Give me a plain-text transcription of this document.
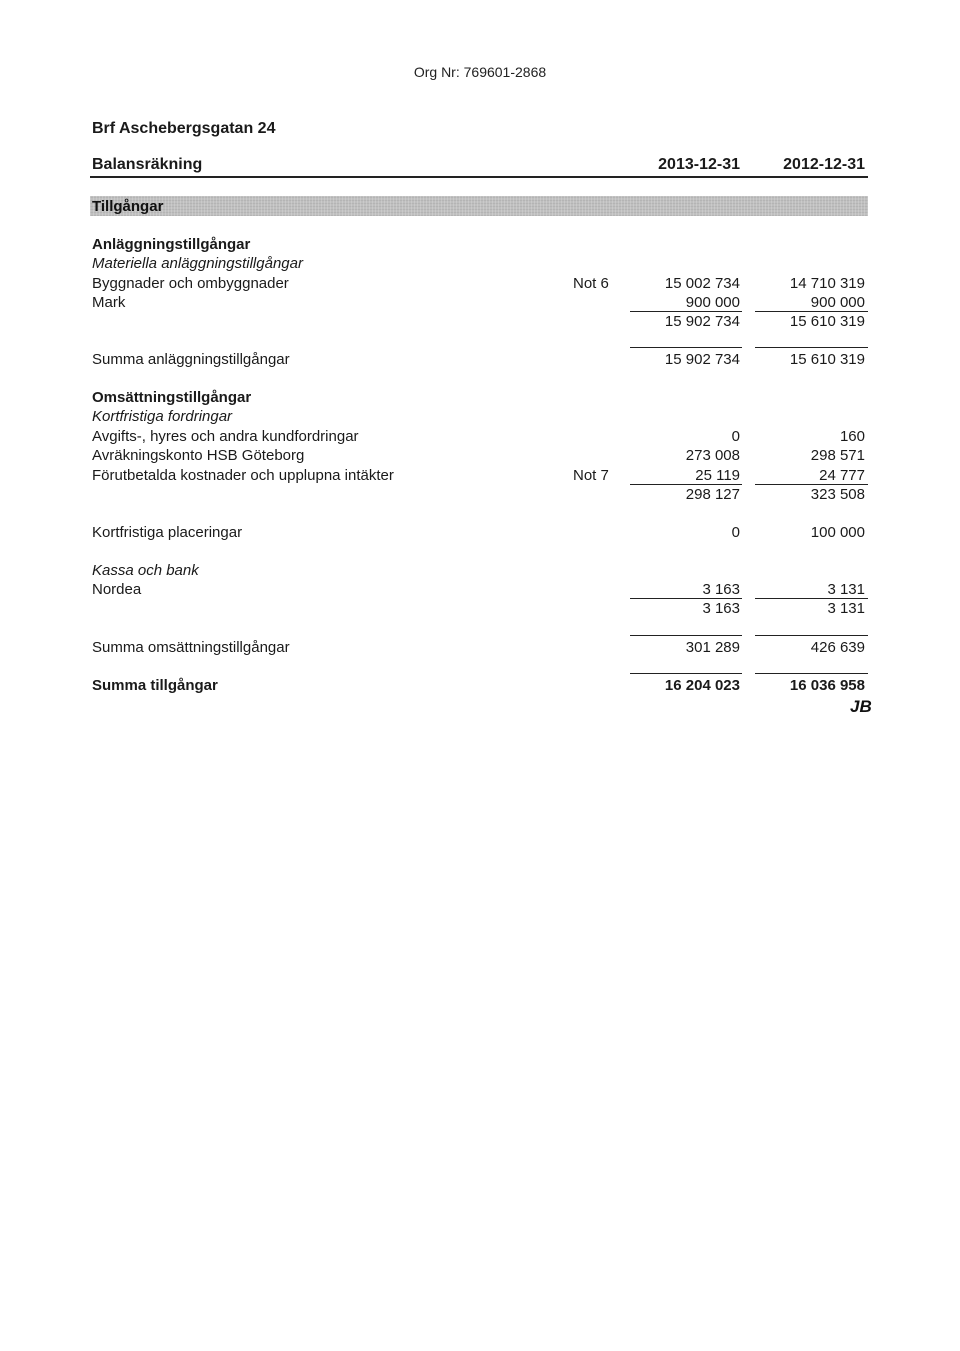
Org Nr: 769601-2868
Brf Aschebergsgatan 24
Balansräkning	2013-12-31	2012-12-31
Tillgångar
Anläggningstillgångar
Materiella anläggningstillgångar
Byggnader och ombyggnader	Not 6	15 002 734	14 710 319
Mark	900 000	900 000
15 902 734	15 610 319
Summa anläggningstillgångar	15 902 734	15 610 319
Omsättningstillgångar
Kortfristiga fordringar
Avgifts-, hyres och andra kundfordringar	0	160
Avräkningskonto HSB Göteborg	273 008	298 571
Förutbetalda kostnader och upplupna intäkter	Not 7	25 119	24 777
298 127	323 508
Kortfristiga placeringar	0	100 000
Kassa och bank
Nordea	3 163	3 131
3 163	3 131
Summa omsättningstillgångar	301 289	426 639
Summa tillgångar	16 204 023	16 036 958
JB
